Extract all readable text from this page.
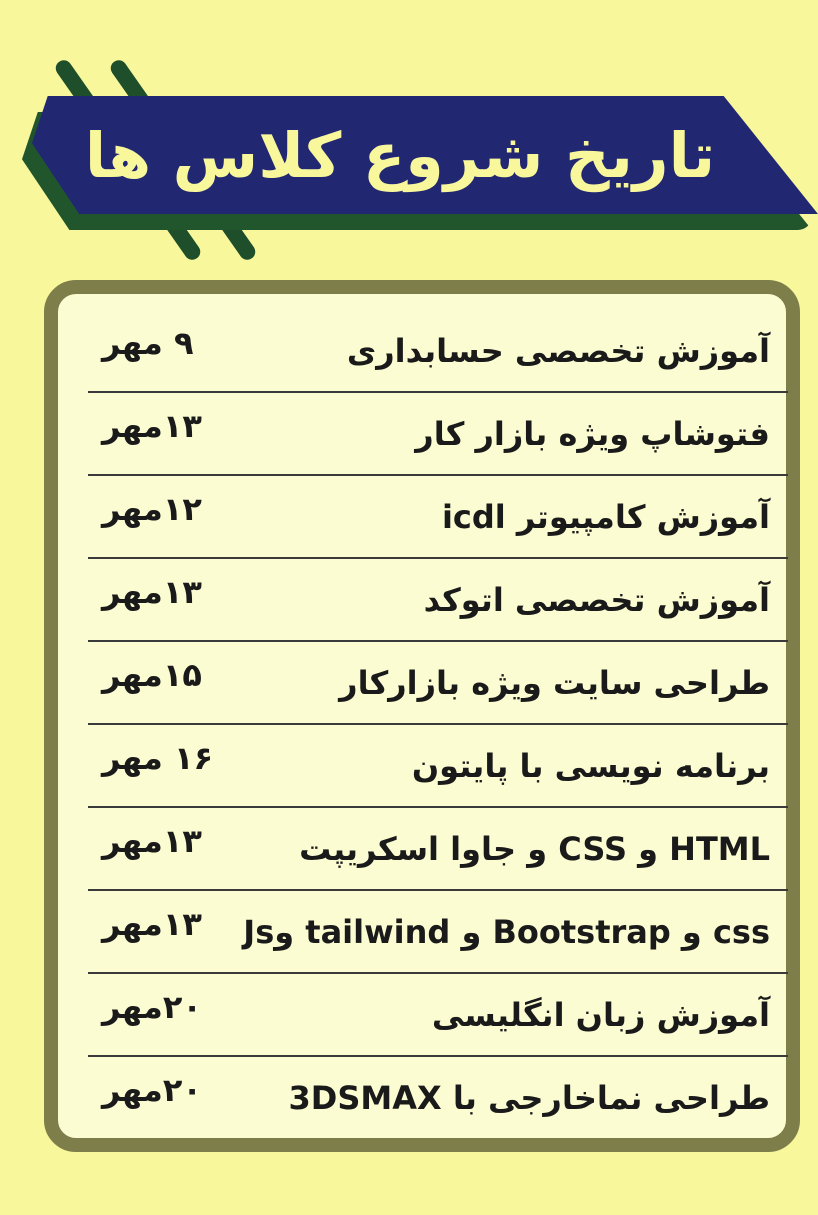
تاریخ شروع کلاس ها
آموزش تخصصی حسابداری
۹ مهر
فتوشاپ ویژه بازار کار
۱۳مهر
آموزش کامپیوتر icdl
۱۲مهر
آموزش تخصصی اتوکد
۱۳مهر
طراحی سایت ویژه بازارکار
۱۵مهر
برنامه نویسی با پایتون
۱۶ مهر
HTML و CSS و جاوا اسکریپت
۱۳مهر
css و Bootstrap و tailwind وJs
۱۳مهر
آموزش زبان انگلیسی
۲۰مهر
طراحی نماخارجی با 3DSMAX
۲۰مهر
